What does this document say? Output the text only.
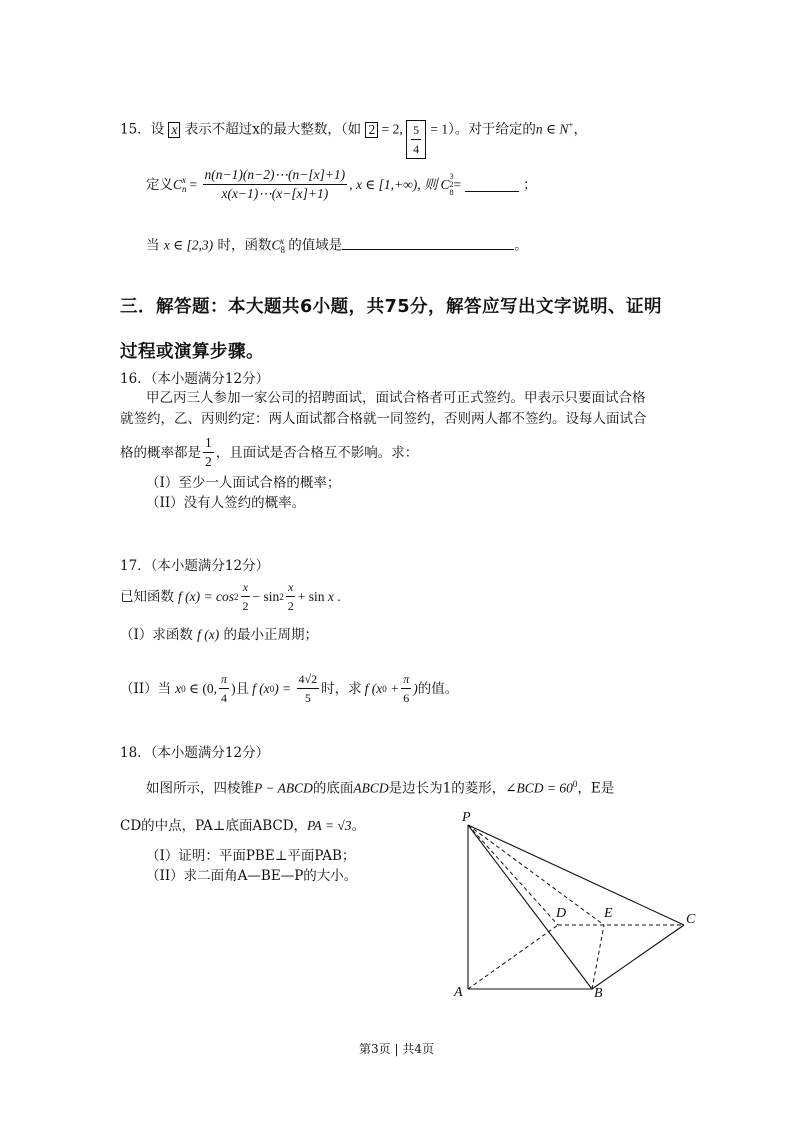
15．设 x 表示不超过x的最大整数，（如 2 = 2, $\frac{5}{4} = 1$）。对于给定的n ∈ N+，
定义 C x
$n = \frac{n(n-1)(n-2)\cdots(n-[x]+1)}{x(x-1)\cdots(x-[x]+1)}$ , x ∈ [1,+∞), 则 C
3
2
8
=	；
当 x ∈ [2,3) 时，函数$C_8^x$ 的值域是	。
三．解答题：本大题共6小题，共75分，解答应写出文字说明、证明
过程或演算步骤。
16．（本小题满分12分）
甲乙丙三人参加一家公司的招聘面试，面试合格者可正式签约。甲表示只要面试合格
就签约，乙、丙则约定：两人面试都合格就一同签约，否则两人都不签约。设每人面试合
格的概率都是 $\frac{1}{2}$ ，且面试是否合格互不影响。求：
（I）至少一人面试合格的概率；
（II）没有人签约的概率。
17．（本小题满分12分）
已知函数 f $(x) = \cos 2 \frac{x}{2} - \sin 2 \frac{x}{2} + \sin x$ .
（I）求函数 f (x) 的最小正周期；
（II）当 x 0 ∈ (0, $\frac{\pi}{4}$ ) 且 f (x 0 ) = $\frac{4√2}{5}$ 时，求 f (x $0 + \frac{\pi}{6}$ ) 的值。
18．（本小题满分12分）
如图所示，四棱锥P − ABCD的底面ABCD是边长为1的菱形，∠BCD = $60^0$，E是
CD的中点，PA⊥底面ABCD，PA = √3。
（I）证明：平面PBE⊥平面PAB；
（II）求二面角A—BE—P的大小。
P
A	B
C
D	E
第3页 | 共4页
